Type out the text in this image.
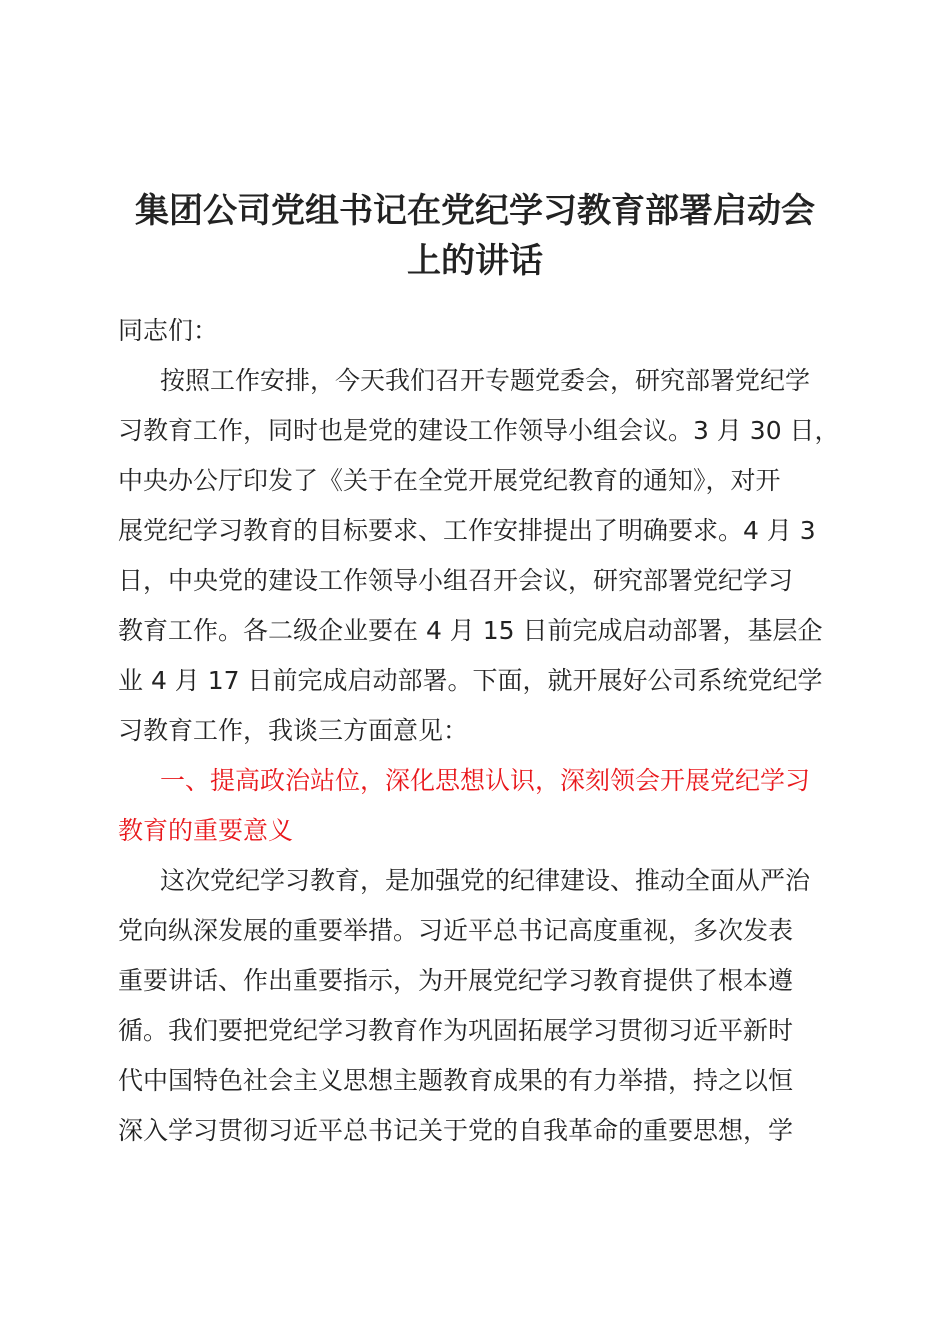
集团公司党组书记在党纪学习教育部署启动会
上的讲话
同志们：
按照工作安排，今天我们召开专题党委会，研究部署党纪学
习教育工作，同时也是党的建设工作领导小组会议。3 月 30 日，
中央办公厅印发了《关于在全党开展党纪教育的通知》，对开
展党纪学习教育的目标要求、工作安排提出了明确要求。4 月 3
日，中央党的建设工作领导小组召开会议，研究部署党纪学习
教育工作。各二级企业要在 4 月 15 日前完成启动部署，基层企
业 4 月 17 日前完成启动部署。下面，就开展好公司系统党纪学
习教育工作，我谈三方面意见：
一、提高政治站位，深化思想认识，深刻领会开展党纪学习
教育的重要意义
这次党纪学习教育，是加强党的纪律建设、推动全面从严治
党向纵深发展的重要举措。习近平总书记高度重视，多次发表
重要讲话、作出重要指示，为开展党纪学习教育提供了根本遵
循。我们要把党纪学习教育作为巩固拓展学习贯彻习近平新时
代中国特色社会主义思想主题教育成果的有力举措，持之以恒
深入学习贯彻习近平总书记关于党的自我革命的重要思想，学
